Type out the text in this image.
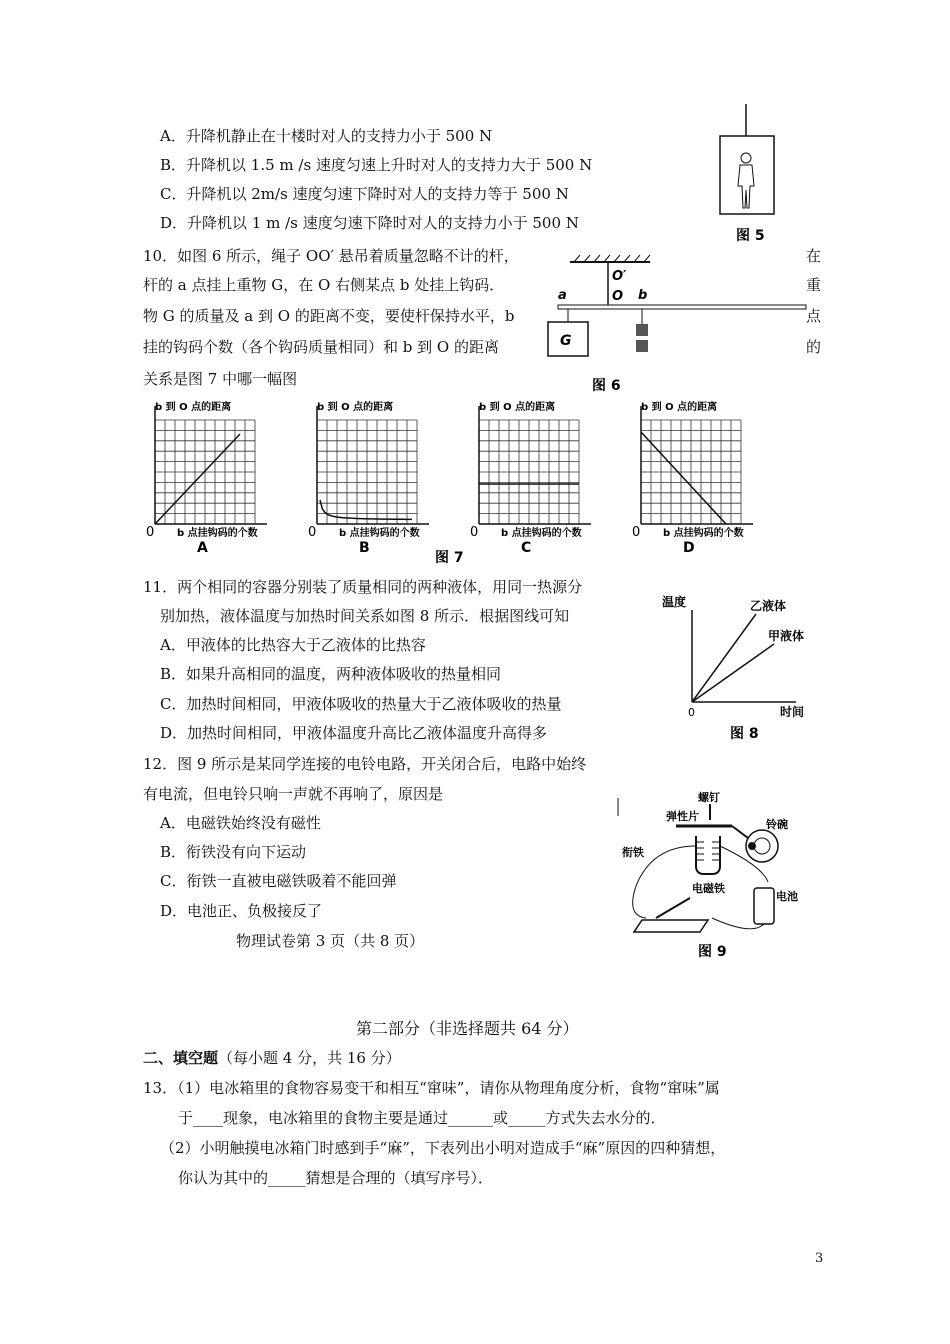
A．升降机静止在十楼时对人的支持力小于 500 N
B．升降机以 1.5 m /s 速度匀速上升时对人的支持力大于 500 N
C．升降机以 2m/s 速度匀速下降时对人的支持力等于 500 N
D．升降机以 1 m /s 速度匀速下降时对人的支持力小于 500 N
图 5
10．如图 6 所示，绳子 OO′ 悬吊着质量忽略不计的杆，
杆的 a 点挂上重物 G，在 O 右侧某点 b 处挂上钩码．
物 G 的质量及 a 到 O 的距离不变，要使杆保持水平，b
挂的钩码个数（各个钩码质量相同）和 b 到 O 的距离
关系是图 7 中哪一幅图
在
重
点
的
O′
O
a	b
G
图 6
图 7
b 到 O 点的距离
b 点挂钩码的个数
0
A
b 到 O 点的距离
b 点挂钩码的个数
0
B
b 到 O 点的距离
b 点挂钩码的个数
0
C
b 到 O 点的距离
b 点挂钩码的个数
0
D
11．两个相同的容器分别装了质量相同的两种液体，用同一热源分
别加热，液体温度与加热时间关系如图 8 所示．根据图线可知
A．甲液体的比热容大于乙液体的比热容
B．如果升高相同的温度，两种液体吸收的热量相同
C．加热时间相同，甲液体吸收的热量大于乙液体吸收的热量
D．加热时间相同，甲液体温度升高比乙液体温度升高得多
温度
时间
0
乙液体
甲液体
图 8
12．图 9 所示是某同学连接的电铃电路，开关闭合后，电路中始终
有电流，但电铃只响一声就不再响了，原因是
A．电磁铁始终没有磁性
B．衔铁没有向下运动
C．衔铁一直被电磁铁吸着不能回弹
D．电池正、负极接反了
螺钉
弹性片
铃碗
衔铁
电磁铁
电池
图 9
物理试卷第 3 页（共 8 页）
第二部分（非选择题共 64 分）
二、填空题（每小题 4 分，共 16 分）
13．（1）电冰箱里的食物容易变干和相互“窜味”，请你从物理角度分析，食物“窜味”属
于____现象，电冰箱里的食物主要是通过______或_____方式失去水分的．
（2）小明触摸电冰箱门时感到手“麻”，下表列出小明对造成手“麻”原因的四种猜想，
你认为其中的_____猜想是合理的（填写序号）．
3
